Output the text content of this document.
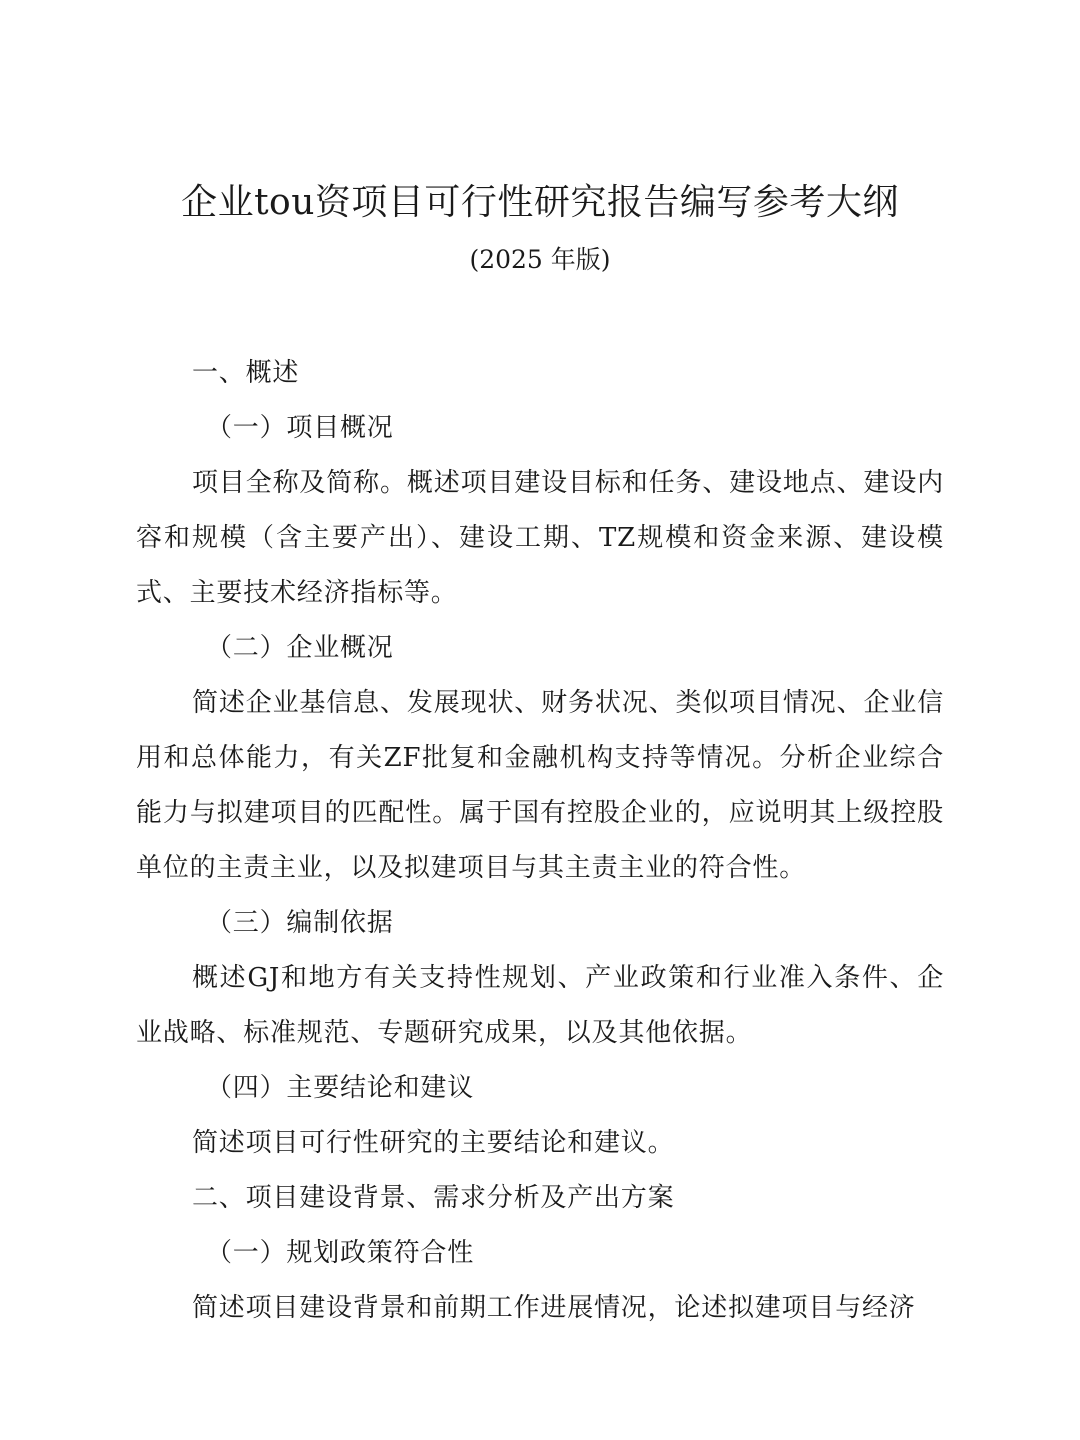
企业tou资项目可行性研究报告编写参考大纲

(2025 年版)

一、概述
（一）项目概况

项目全称及简称。概述项目建设目标和任务、建设地点、建设内容和规模（含主要产出）、建设工期、TZ规模和资金来源、建设模式、主要技术经济指标等。

（二）企业概况

简述企业基信息、发展现状、财务状况、类似项目情况、企业信用和总体能力，有关ZF批复和金融机构支持等情况。分析企业综合能力与拟建项目的匹配性。属于国有控股企业的，应说明其上级控股单位的主责主业，以及拟建项目与其主责主业的符合性。

（三）编制依据

概述GJ和地方有关支持性规划、产业政策和行业准入条件、企业战略、标准规范、专题研究成果，以及其他依据。

（四）主要结论和建议

简述项目可行性研究的主要结论和建议。

二、项目建设背景、需求分析及产出方案
（一）规划政策符合性

简述项目建设背景和前期工作进展情况，论述拟建项目与经济
